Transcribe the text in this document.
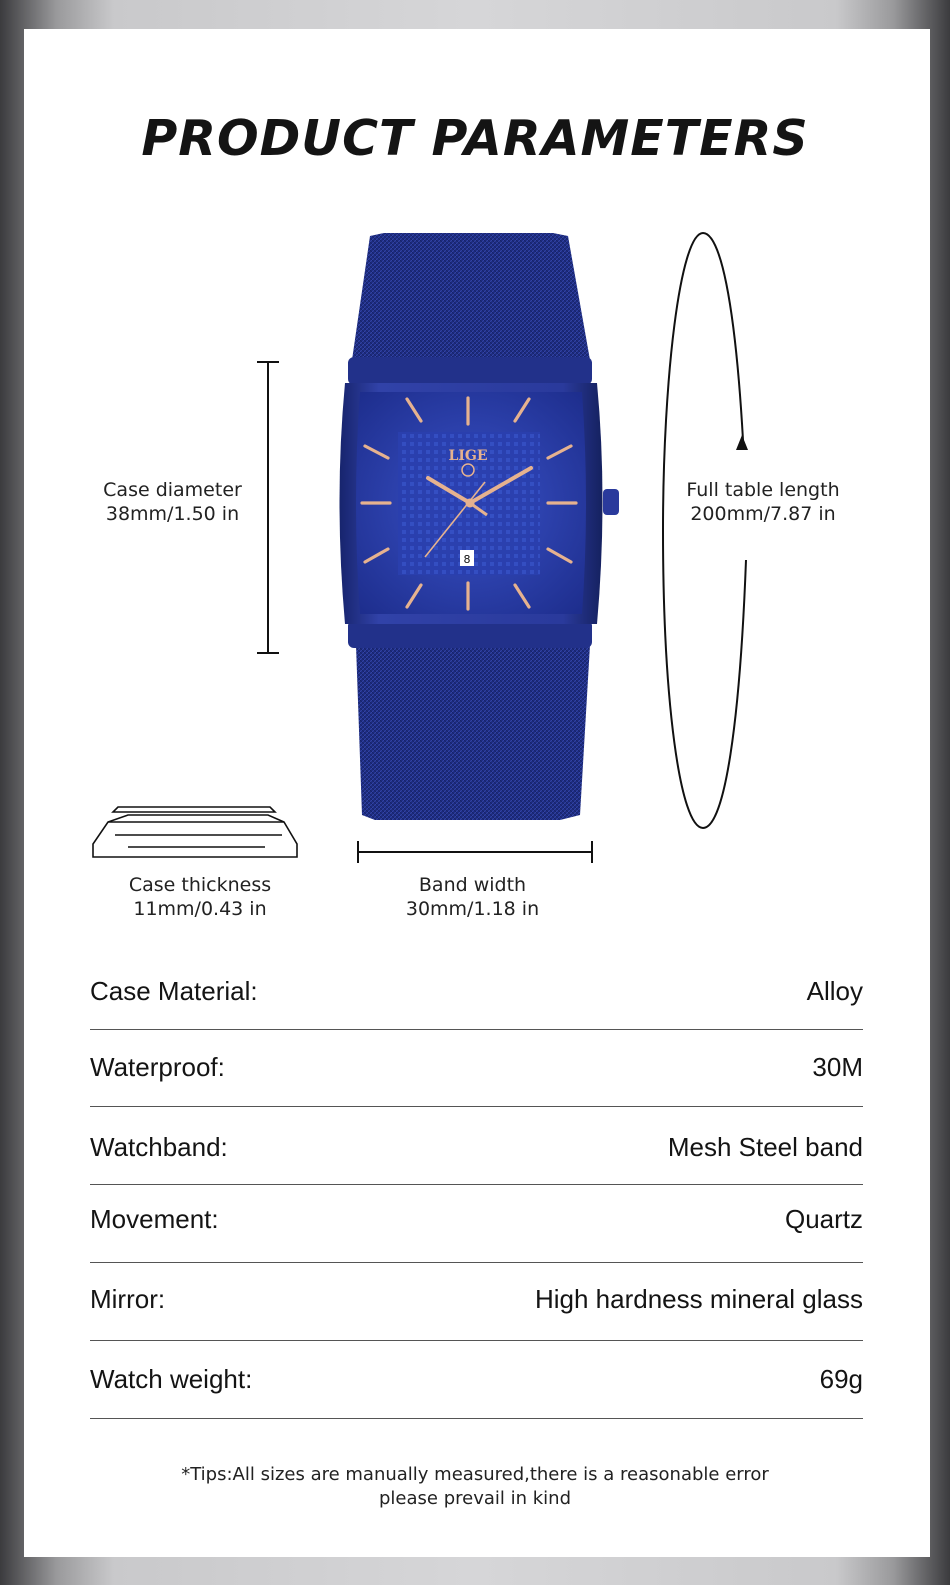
PRODUCT PARAMETERS
LIGE
8
Case diameter
38mm/1.50 in
Full table length
200mm/7.87 in
Case thickness
11mm/0.43 in
Band width
30mm/1.18 in
Case Material:	Alloy
Waterproof:	30M
Watchband:	Mesh Steel band
Movement:	Quartz
Mirror:	High hardness mineral glass
Watch weight:	69g
*Tips:All sizes are manually measured,there is a reasonable error
please prevail in kind
